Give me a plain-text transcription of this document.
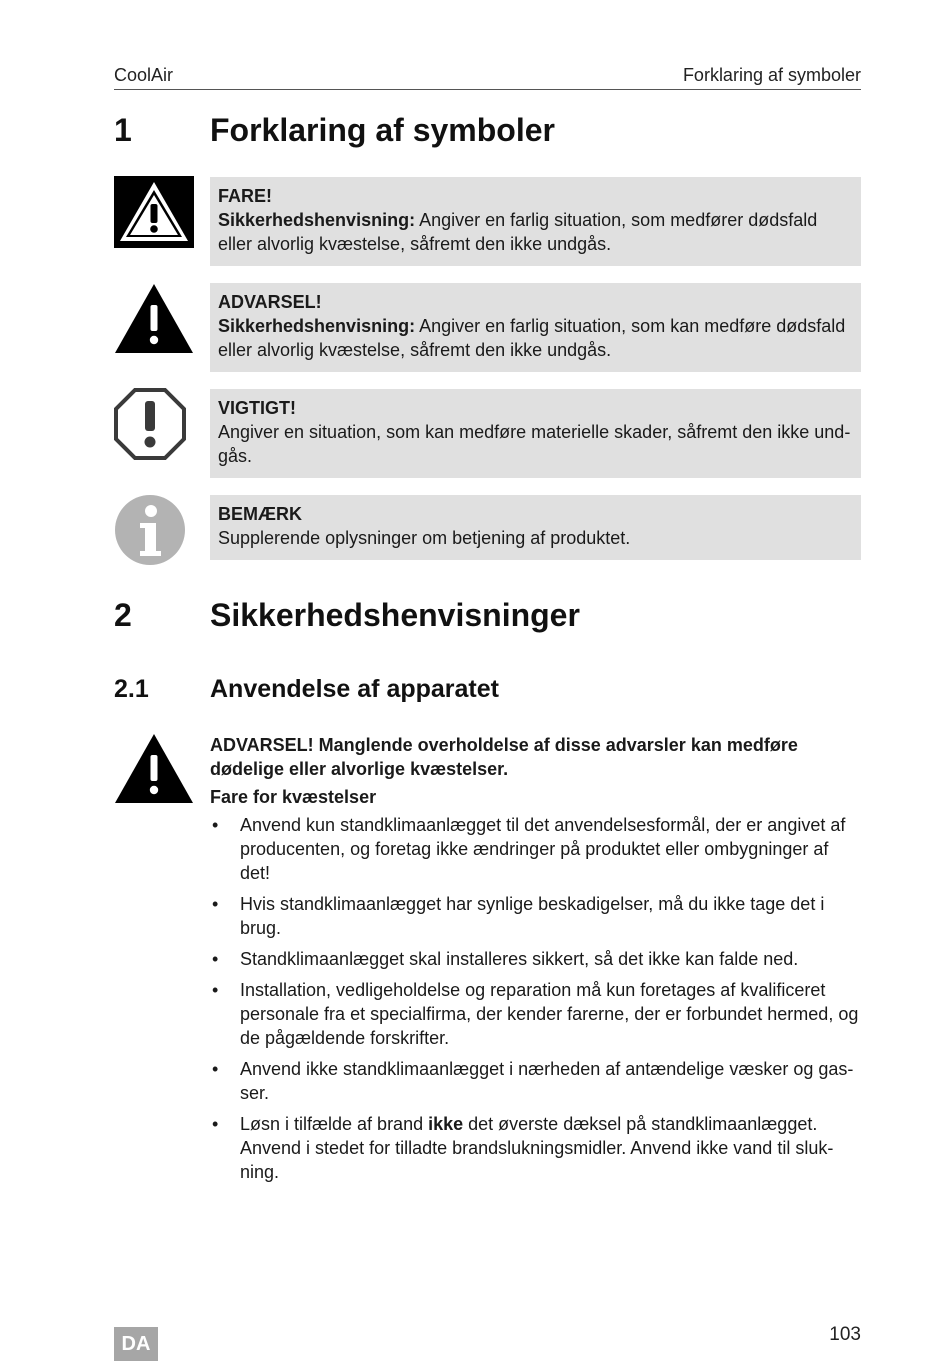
CoolAir	Forklaring af symboler
1 Forklaring af symboler
FARE!
Sikkerhedshenvisning: Angiver en farlig situation, som medfører dødsfald eller alvorlig kvæstelse, såfremt den ikke undgås.
ADVARSEL!
Sikkerhedshenvisning: Angiver en farlig situation, som kan medføre dødsfald eller alvorlig kvæstelse, såfremt den ikke undgås.
VIGTIGT!
Angiver en situation, som kan medføre materielle skader, såfremt den ikke undgås.
BEMÆRK
Supplerende oplysninger om betjening af produktet.
2 Sikkerhedshenvisninger
2.1 Anvendelse af apparatet
ADVARSEL! Manglende overholdelse af disse advarsler kan medføre dødelige eller alvorlige kvæstelser.
Fare for kvæstelser
• Anvend kun standklimaanlægget til det anvendelsesformål, der er angivet af producenten, og foretag ikke ændringer på produktet eller ombygninger af det!
• Hvis standklimaanlægget har synlige beskadigelser, må du ikke tage det i brug.
• Standklimaanlægget skal installeres sikkert, så det ikke kan falde ned.
• Installation, vedligeholdelse og reparation må kun foretages af kvalificeret personale fra et specialfirma, der kender farerne, der er forbundet hermed, og de pågældende forskrifter.
• Anvend ikke standklimaanlægget i nærheden af antændelige væsker og gasser.
• Løsn i tilfælde af brand ikke det øverste dæksel på standklimaanlægget. Anvend i stedet for tilladte brandslukningsmidler. Anvend ikke vand til slukning.
DA	103
